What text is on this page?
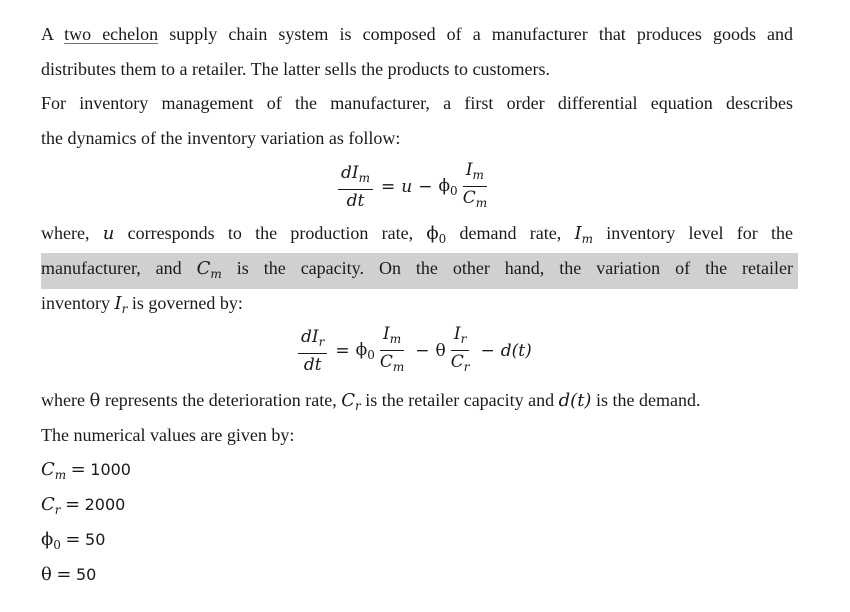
A two echelon supply chain system is composed of a manufacturer that produces goods and
distributes them to a retailer. The latter sells the products to customers.
For inventory management of the manufacturer, a first order differential equation describes
the dynamics of the inventory variation as follow:
$\frac{dI_m}{dt} = u - \phi_0 \frac{I_m}{C_m}$
where, u corresponds to the production rate, $\phi_0$ demand rate, $I_m$ inventory level for the
manufacturer, and $C_m$ is the capacity. On the other hand, the variation of the retailer
inventory $I_r$ is governed by:
$\frac{dI_r}{dt} = \phi_0 \frac{I_m}{C_m} - \theta \frac{I_r}{C_r} - d(t)$
where θ represents the deterioration rate, $C_r$ is the retailer capacity and d(t) is the demand.
The numerical values are given by:
$C_m = 1000$
$C_r = 2000$
$\phi_0 = 50$
θ = 50
